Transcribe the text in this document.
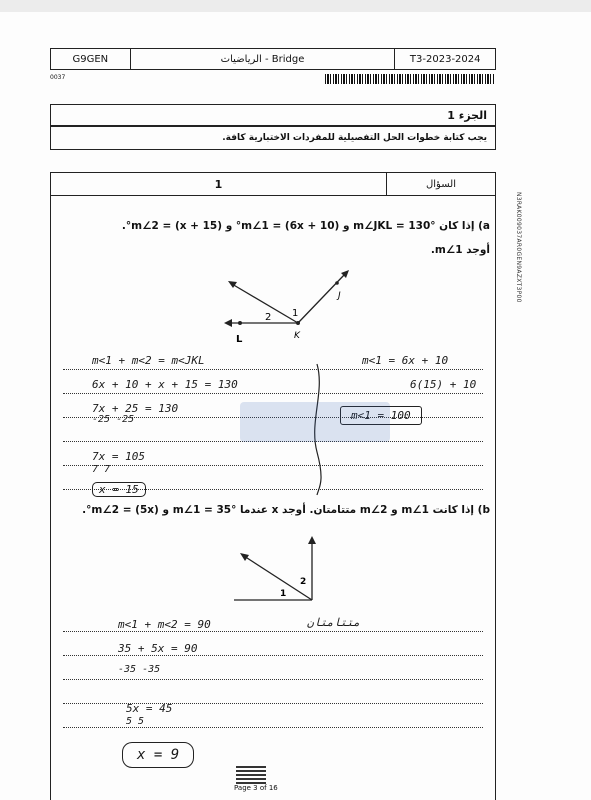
G9GEN	الرياضيات - Bridge	T3-2023-2024
0037
الجزء 1
يجب كتابة خطوات الحل التفصيلية للمفردات الاختبارية كافة.
N3RAK009037AR0GEN9AZXT3P00
1	السؤال
a) إذا كان m∠JKL = 130° و m∠1 = (6x + 10)° و m∠2 = (x + 15)°.
أوجد m∠1.
L	K
J
1
2
m<1 + m<2 = m<JKL
6x + 10 + x + 15 = 130
7x + 25 = 130
-25 -25
7x = 105
7 7
x = 15
m<1 = 6x + 10
6(15) + 10
m<1 = 100
b) إذا كانت m∠1 و m∠2 متتامتان. أوجد x عندما m∠1 = 35° و m∠2 = (5x)°.
1
2
متتامتان
m<1 + m<2 = 90
35 + 5x = 90
-35 -35
5x = 45
5 5
x = 9
Page 3 of 16
